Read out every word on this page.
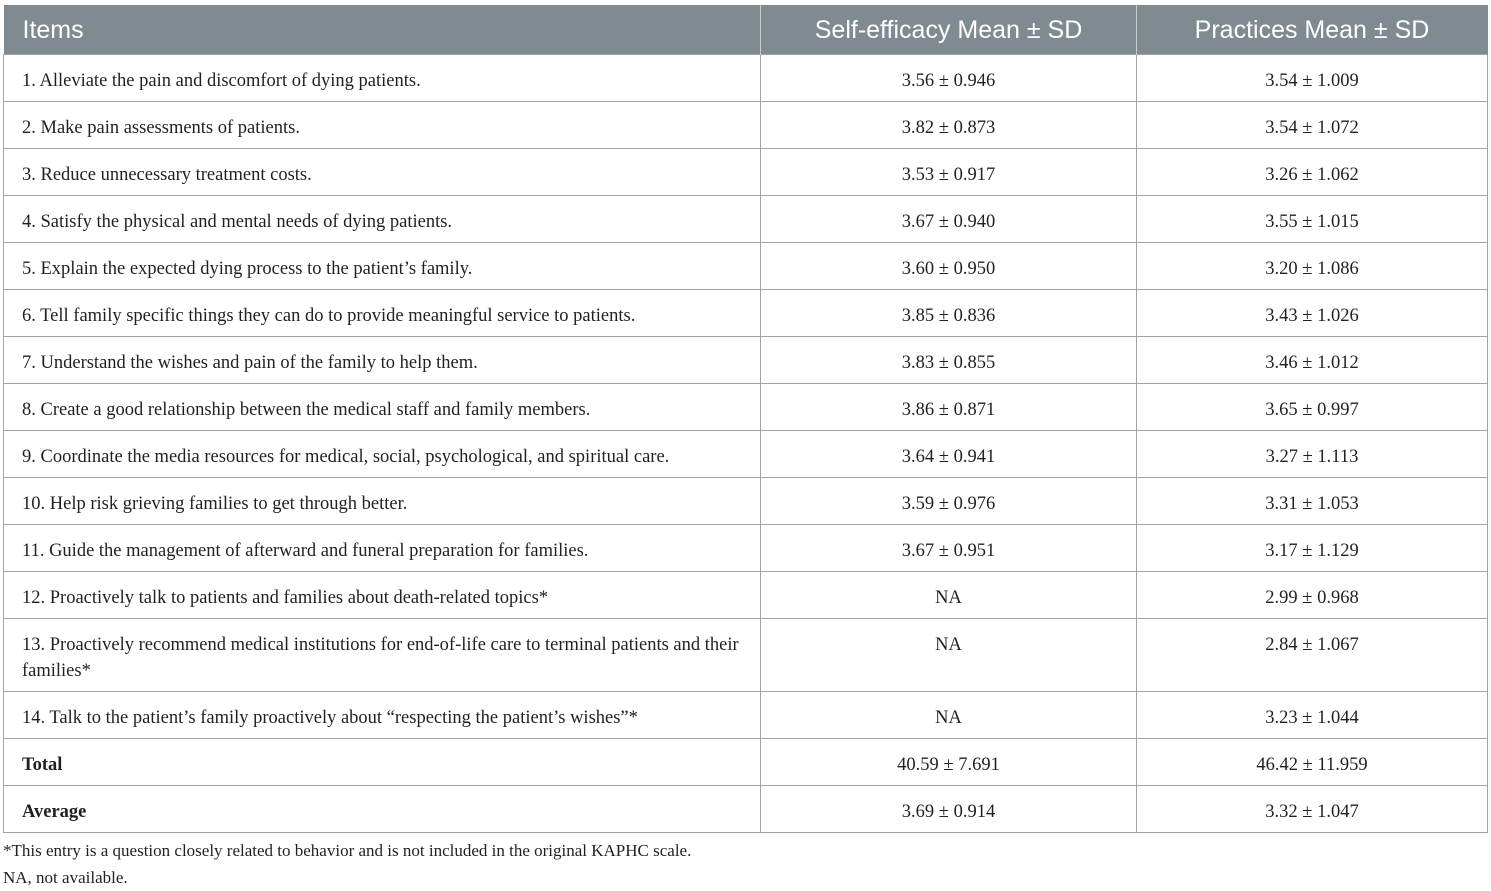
Items	Self-efficacy Mean ± SD	Practices Mean ± SD
1. Alleviate the pain and discomfort of dying patients.	3.56 ± 0.946	3.54 ± 1.009
2. Make pain assessments of patients.	3.82 ± 0.873	3.54 ± 1.072
3. Reduce unnecessary treatment costs.	3.53 ± 0.917	3.26 ± 1.062
4. Satisfy the physical and mental needs of dying patients.	3.67 ± 0.940	3.55 ± 1.015
5. Explain the expected dying process to the patient’s family.	3.60 ± 0.950	3.20 ± 1.086
6. Tell family specific things they can do to provide meaningful service to patients.	3.85 ± 0.836	3.43 ± 1.026
7. Understand the wishes and pain of the family to help them.	3.83 ± 0.855	3.46 ± 1.012
8. Create a good relationship between the medical staff and family members.	3.86 ± 0.871	3.65 ± 0.997
9. Coordinate the media resources for medical, social, psychological, and spiritual care.	3.64 ± 0.941	3.27 ± 1.113
10. Help risk grieving families to get through better.	3.59 ± 0.976	3.31 ± 1.053
11. Guide the management of afterward and funeral preparation for families.	3.67 ± 0.951	3.17 ± 1.129
12. Proactively talk to patients and families about death-related topics*	NA	2.99 ± 0.968
13. Proactively recommend medical institutions for end-of-life care to terminal patients and their families*	NA	2.84 ± 1.067
14. Talk to the patient’s family proactively about “respecting the patient’s wishes”*	NA	3.23 ± 1.044
Total	40.59 ± 7.691	46.42 ± 11.959
Average	3.69 ± 0.914	3.32 ± 1.047
*This entry is a question closely related to behavior and is not included in the original KAPHC scale.
NA, not available.
